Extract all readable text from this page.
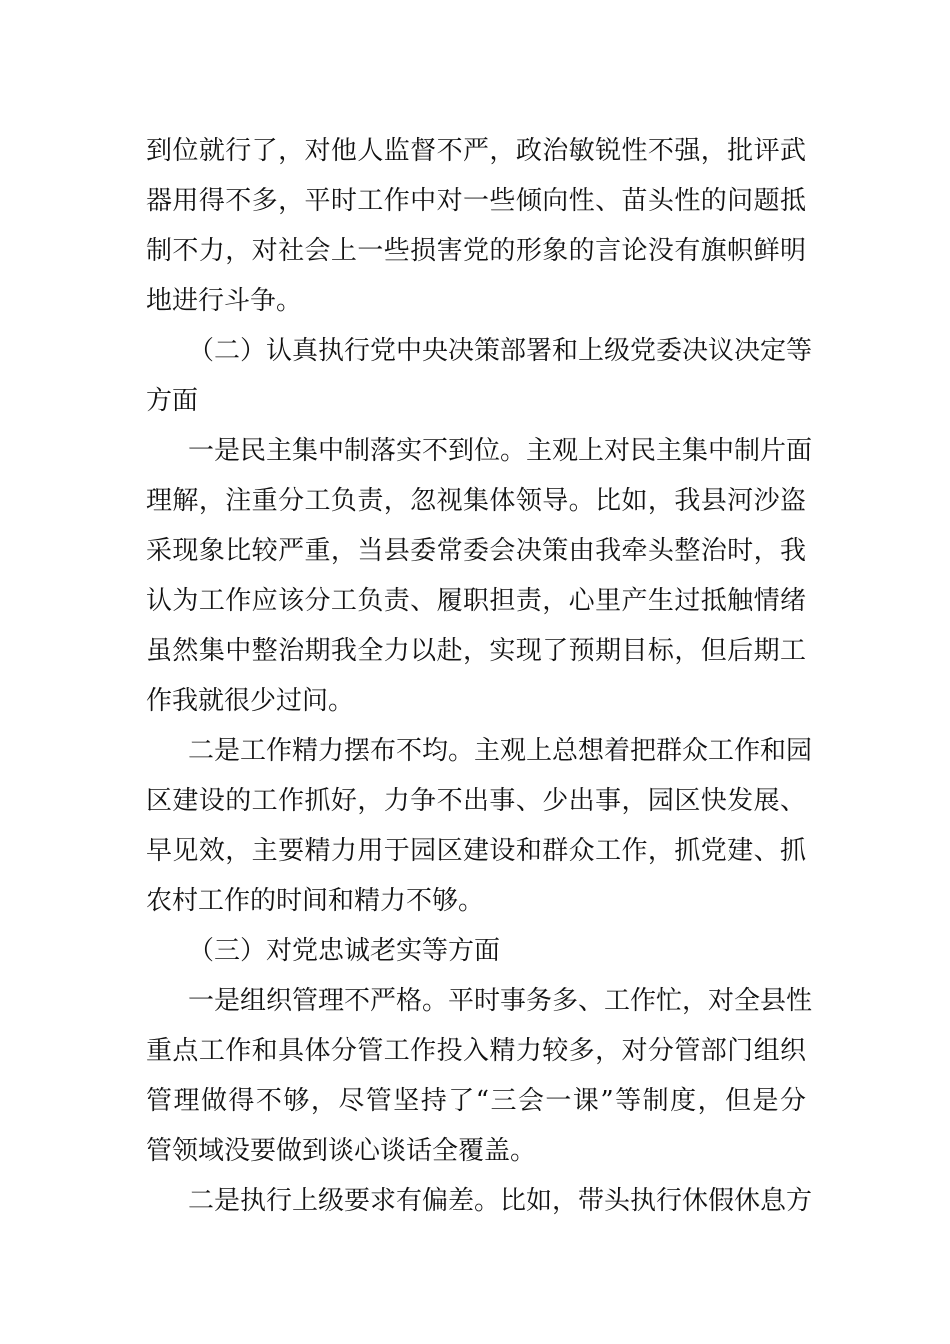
到位就行了，对他人监督不严，政治敏锐性不强，批评武
器用得不多，平时工作中对一些倾向性、苗头性的问题抵
制不力，对社会上一些损害党的形象的言论没有旗帜鲜明
地进行斗争。
（二）认真执行党中央决策部署和上级党委决议决定等
方面
一是民主集中制落实不到位。主观上对民主集中制片面
理解，注重分工负责，忽视集体领导。比如，我县河沙盗
采现象比较严重，当县委常委会决策由我牵头整治时，我
认为工作应该分工负责、履职担责，心里产生过抵触情绪
虽然集中整治期我全力以赴，实现了预期目标，但后期工
作我就很少过问。
二是工作精力摆布不均。主观上总想着把群众工作和园
区建设的工作抓好，力争不出事、少出事，园区快发展、
早见效，主要精力用于园区建设和群众工作，抓党建、抓
农村工作的时间和精力不够。
（三）对党忠诚老实等方面
一是组织管理不严格。平时事务多、工作忙，对全县性
重点工作和具体分管工作投入精力较多，对分管部门组织
管理做得不够，尽管坚持了“三会一课”等制度，但是分
管领域没要做到谈心谈话全覆盖。
二是执行上级要求有偏差。比如，带头执行休假休息方
